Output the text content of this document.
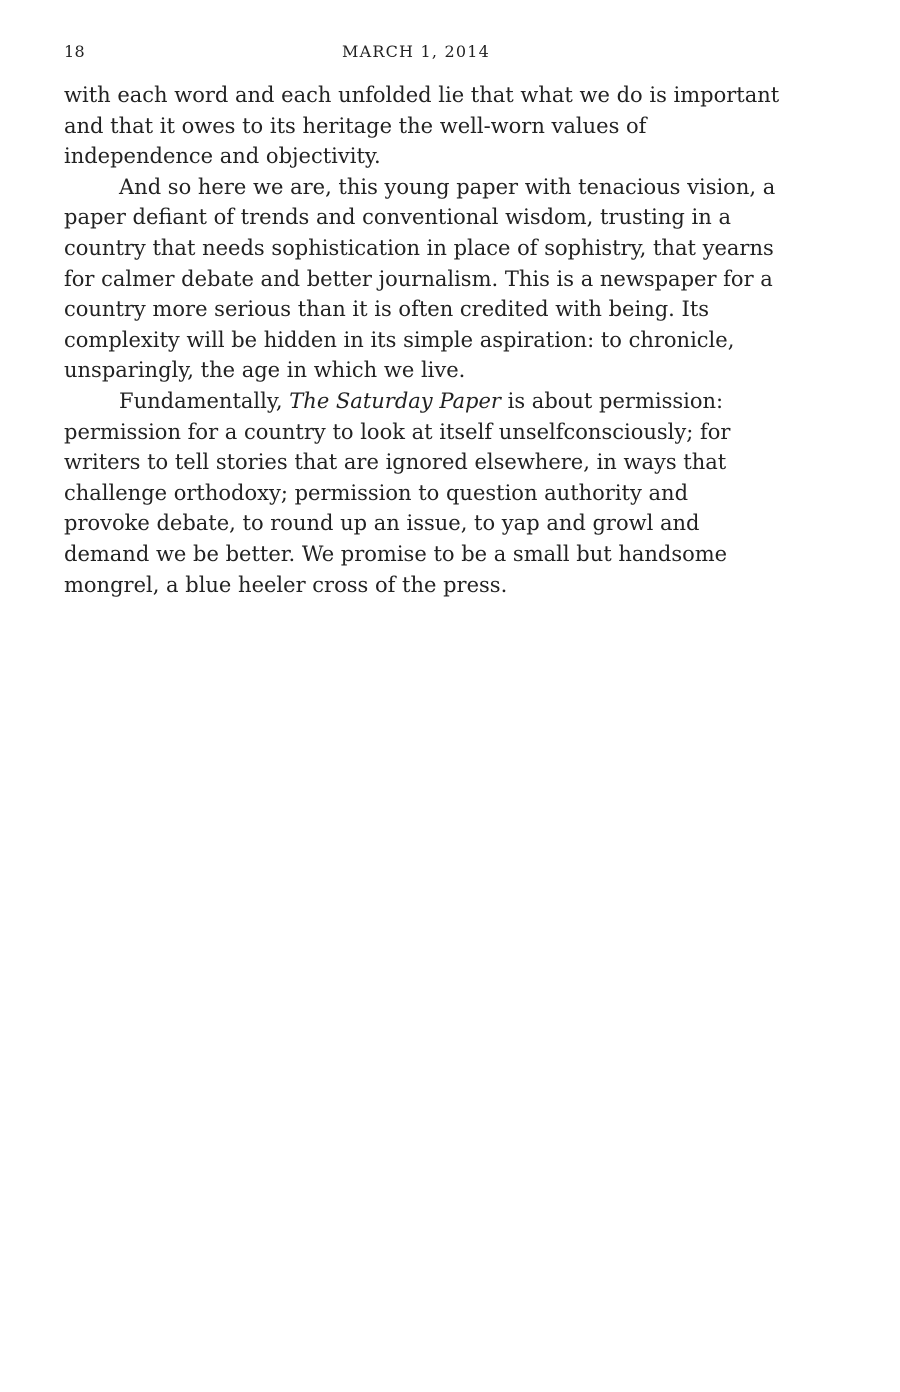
18	MARCH 1, 2014
with each word and each unfolded lie that what we do is important
and that it owes to its heritage the well-worn values of
independence and objectivity.
And so here we are, this young paper with tenacious vision, a
paper defiant of trends and conventional wisdom, trusting in a
country that needs sophistication in place of sophistry, that yearns
for calmer debate and better journalism. This is a newspaper for a
country more serious than it is often credited with being. Its
complexity will be hidden in its simple aspiration: to chronicle,
unsparingly, the age in which we live.
Fundamentally, The Saturday Paper is about permission:
permission for a country to look at itself unselfconsciously; for
writers to tell stories that are ignored elsewhere, in ways that
challenge orthodoxy; permission to question authority and
provoke debate, to round up an issue, to yap and growl and
demand we be better. We promise to be a small but handsome
mongrel, a blue heeler cross of the press.
